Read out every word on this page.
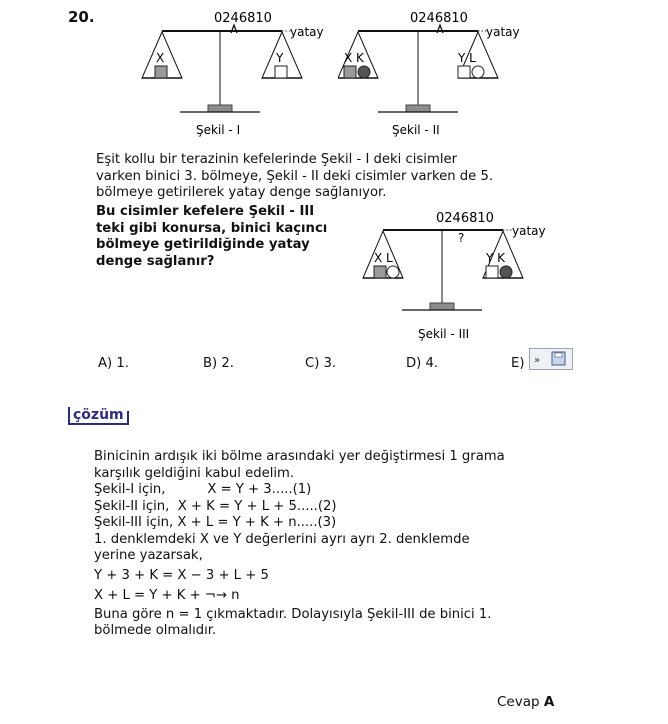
20.	0246810
yatay
X	Y
Şekil - I
0246810
yatay
X K	Y L
Şekil - II
Eşit kollu bir terazinin kefelerinde Şekil - I deki cisimler
varken binici 3. bölmeye, Şekil - II deki cisimler varken de 5.
bölmeye getirilerek yatay denge sağlanıyor.
Bu cisimler kefelere Şekil - III
teki gibi konursa, binici kaçıncı
bölmeye getirildiğinde yatay
denge sağlanır?
0246810
yatay
?
X L	Y K
Şekil - III
A) 1.	B) 2.	C) 3.	D) 4.	E) »
çözüm
Binicinin ardışık iki bölme arasındaki yer değiştirmesi 1 grama
karşılık geldiğini kabul edelim.
Şekil-I için,          X = Y + 3.....(1)
Şekil-II için,  X + K = Y + L + 5.....(2)
Şekil-III için, X + L = Y + K + n.....(3)
1. denklemdeki X ve Y değerlerini ayrı ayrı 2. denklemde
yerine yazarsak,
Y + 3 + K = X − 3 + L + 5
X + L = Y + K + ¬→ n
Buna göre n = 1 çıkmaktadır. Dolayısıyla Şekil-III de binici 1.
bölmede olmalıdır.
Cevap A
